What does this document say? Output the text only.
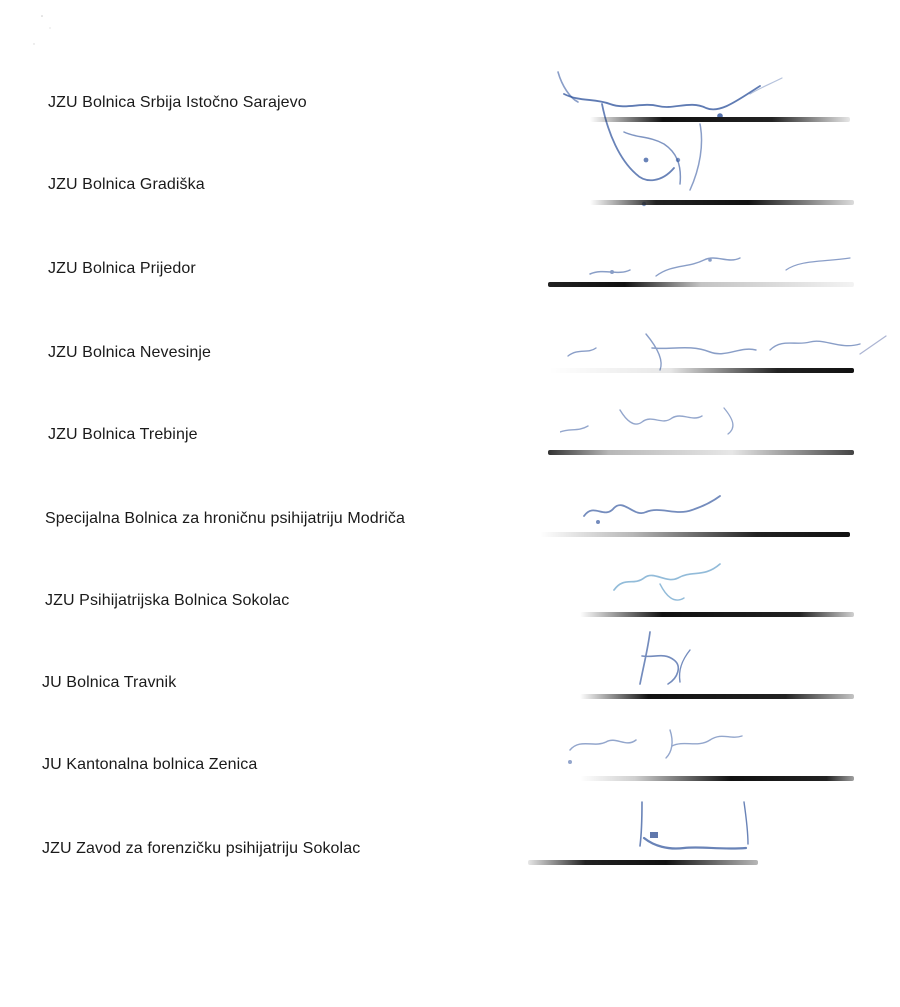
JZU Bolnica Srbija Istočno Sarajevo
JZU Bolnica Gradiška
JZU Bolnica Prijedor
JZU Bolnica Nevesinje
JZU Bolnica Trebinje
Specijalna Bolnica za hroničnu psihijatriju Modriča
JZU Psihijatrijska Bolnica Sokolac
JU Bolnica Travnik
JU Kantonalna bolnica Zenica
JZU Zavod za forenzičku psihijatriju Sokolac
